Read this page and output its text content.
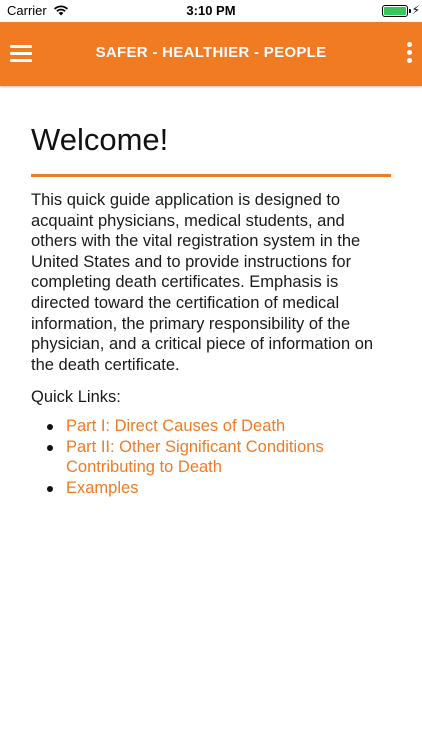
Carrier	3:10 PM	⚡
SAFER - HEALTHIER - PEOPLE
Welcome!

This quick guide application is designed to acquaint physicians, medical students, and others with the vital registration system in the United States and to provide instructions for completing death certificates. Emphasis is directed toward the certification of medical information, the primary responsibility of the physician, and a critical piece of information on the death certificate.

Quick Links:

Part I: Direct Causes of Death
Part II: Other Significant Conditions Contributing to Death
Examples
